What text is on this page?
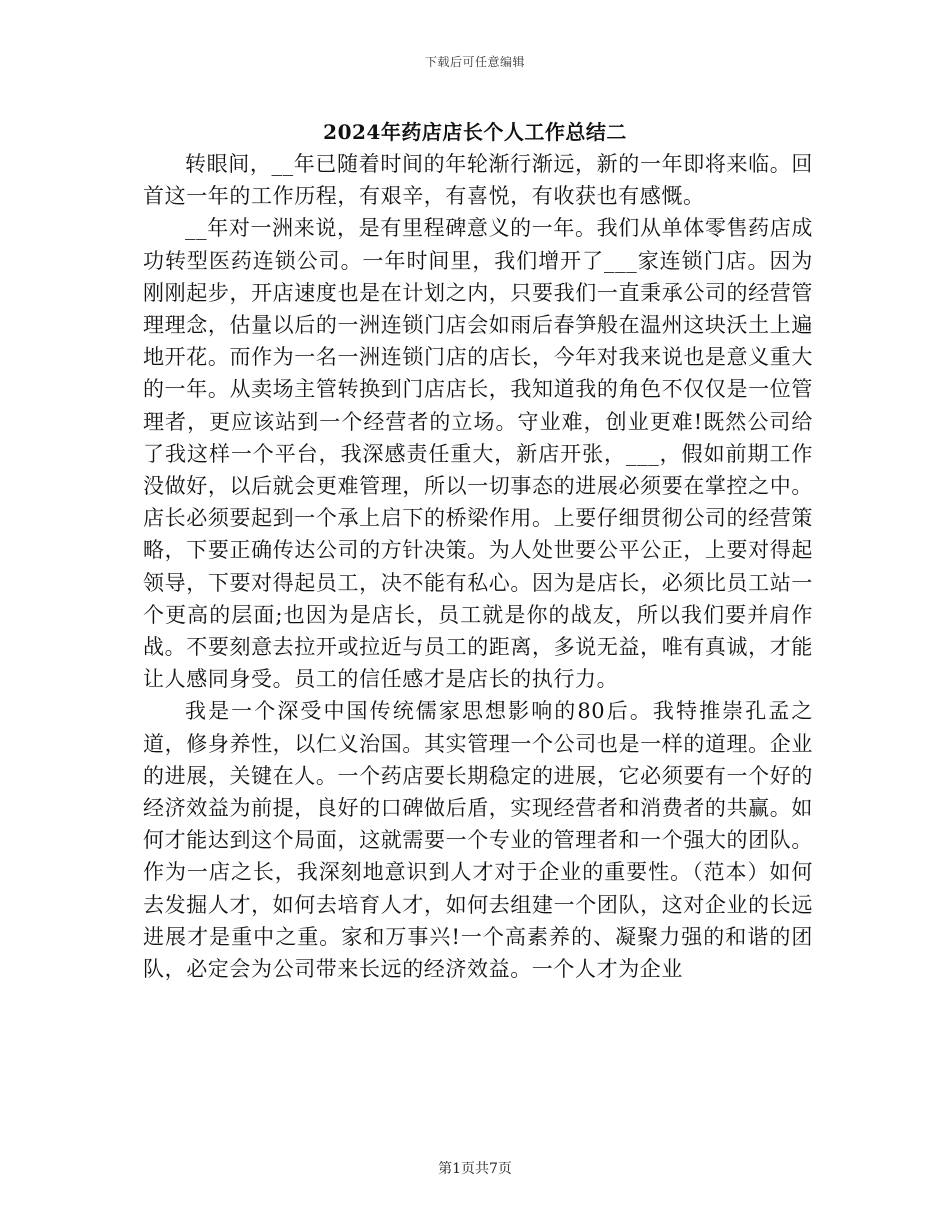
下载后可任意编辑
2024年药店店长个人工作总结二

转眼间，__年已随着时间的年轮渐行渐远，新的一年即将来临。回首这一年的工作历程，有艰辛，有喜悦，有收获也有感慨。

__年对一洲来说，是有里程碑意义的一年。我们从单体零售药店成功转型医药连锁公司。一年时间里，我们增开了___家连锁门店。因为刚刚起步，开店速度也是在计划之内，只要我们一直秉承公司的经营管理理念，估量以后的一洲连锁门店会如雨后春笋般在温州这块沃土上遍地开花。而作为一名一洲连锁门店的店长，今年对我来说也是意义重大的一年。从卖场主管转换到门店店长，我知道我的角色不仅仅是一位管理者，更应该站到一个经营者的立场。守业难，创业更难!既然公司给了我这样一个平台，我深感责任重大，新店开张，___，假如前期工作没做好，以后就会更难管理，所以一切事态的进展必须要在掌控之中。店长必须要起到一个承上启下的桥梁作用。上要仔细贯彻公司的经营策略，下要正确传达公司的方针决策。为人处世要公平公正，上要对得起领导，下要对得起员工，决不能有私心。因为是店长，必须比员工站一个更高的层面;也因为是店长，员工就是你的战友，所以我们要并肩作战。不要刻意去拉开或拉近与员工的距离，多说无益，唯有真诚，才能让人感同身受。员工的信任感才是店长的执行力。

我是一个深受中国传统儒家思想影响的80后。我特推崇孔孟之道，修身养性，以仁义治国。其实管理一个公司也是一样的道理。企业的进展，关键在人。一个药店要长期稳定的进展，它必须要有一个好的经济效益为前提，良好的口碑做后盾，实现经营者和消费者的共赢。如何才能达到这个局面，这就需要一个专业的管理者和一个强大的团队。作为一店之长，我深刻地意识到人才对于企业的重要性。（范本）如何去发掘人才，如何去培育人才，如何去组建一个团队，这对企业的长远进展才是重中之重。家和万事兴!一个高素养的、凝聚力强的和谐的团队，必定会为公司带来长远的经济效益。一个人才为企业

第1页共7页
